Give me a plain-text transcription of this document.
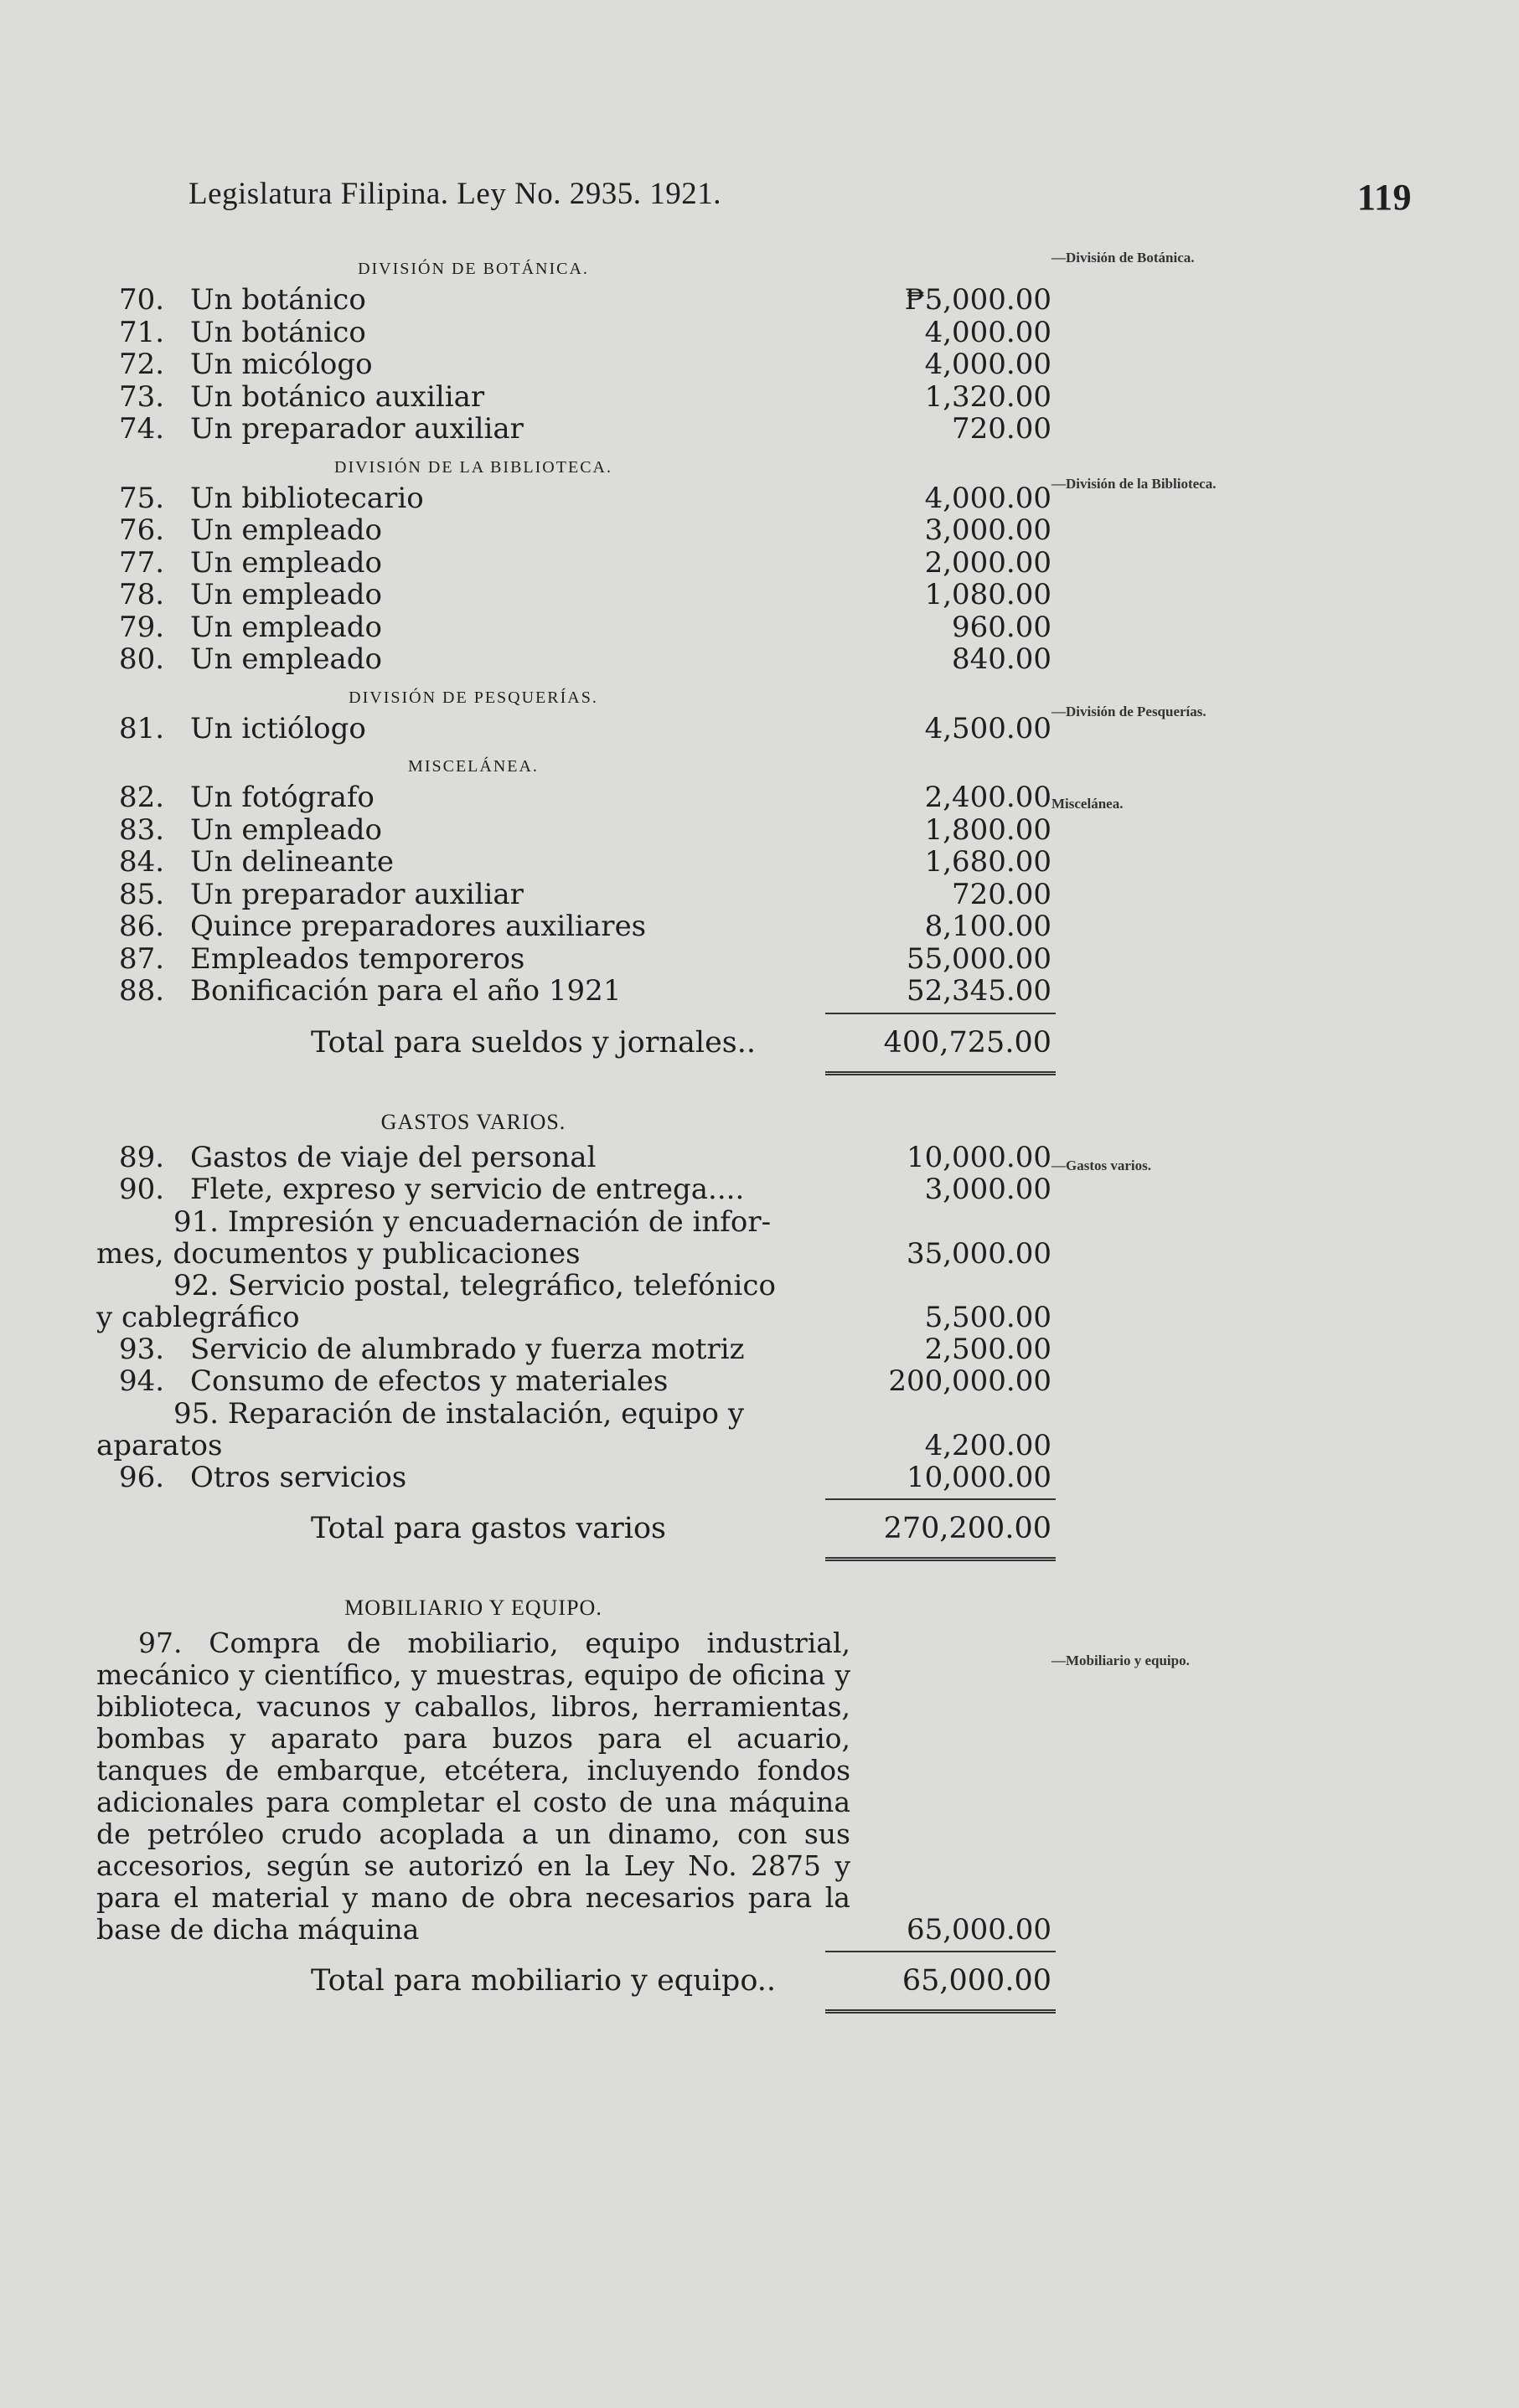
Legislatura Filipina. Ley No. 2935. 1921.	119
—División de Botánica.
—División de la Biblioteca.
—División de Pesquerías.
Miscelánea.
—Gastos varios.
—Mobiliario y equipo.
DIVISIÓN DE BOTÁNICA.
70. Un botánico	₱5,000.00
71. Un botánico	4,000.00
72. Un micólogo	4,000.00
73. Un botánico auxiliar	1,320.00
74. Un preparador auxiliar	720.00
DIVISIÓN DE LA BIBLIOTECA.
75. Un bibliotecario	4,000.00
76. Un empleado	3,000.00
77. Un empleado	2,000.00
78. Un empleado	1,080.00
79. Un empleado	960.00
80. Un empleado	840.00
DIVISIÓN DE PESQUERÍAS.
81. Un ictiólogo	4,500.00
MISCELÁNEA.
82. Un fotógrafo	2,400.00
83. Un empleado	1,800.00
84. Un delineante	1,680.00
85. Un preparador auxiliar	720.00
86. Quince preparadores auxiliares	8,100.00
87. Empleados temporeros	55,000.00
88. Bonificación para el año 1921	52,345.00
Total para sueldos y jornales..	400,725.00
GASTOS VARIOS.
89. Gastos de viaje del personal	10,000.00
90. Flete, expreso y servicio de entrega....	3,000.00
91. Impresión y encuadernación de infor-
mes, documentos y publicaciones	35,000.00
92. Servicio postal, telegráfico, telefónico
y cablegráfico	5,500.00
93. Servicio de alumbrado y fuerza motriz	2,500.00
94. Consumo de efectos y materiales	200,000.00
95. Reparación de instalación, equipo y
aparatos	4,200.00
96. Otros servicios	10,000.00
Total para gastos varios	270,200.00
MOBILIARIO Y EQUIPO.
97. Compra de mobiliario, equipo industrial, mecánico y científico, y muestras, equipo de oficina y biblioteca, vacunos y caballos, libros, herramientas, bombas y aparato para buzos para el acuario, tanques de embarque, etcétera, incluyendo fondos adicionales para completar el costo de una máquina de petróleo crudo acoplada a un dinamo, con sus accesorios, según se autorizó en la Ley No. 2875 y para el material y mano de obra necesarios para la base de dicha máquina	65,000.00
Total para mobiliario y equipo..	65,000.00
